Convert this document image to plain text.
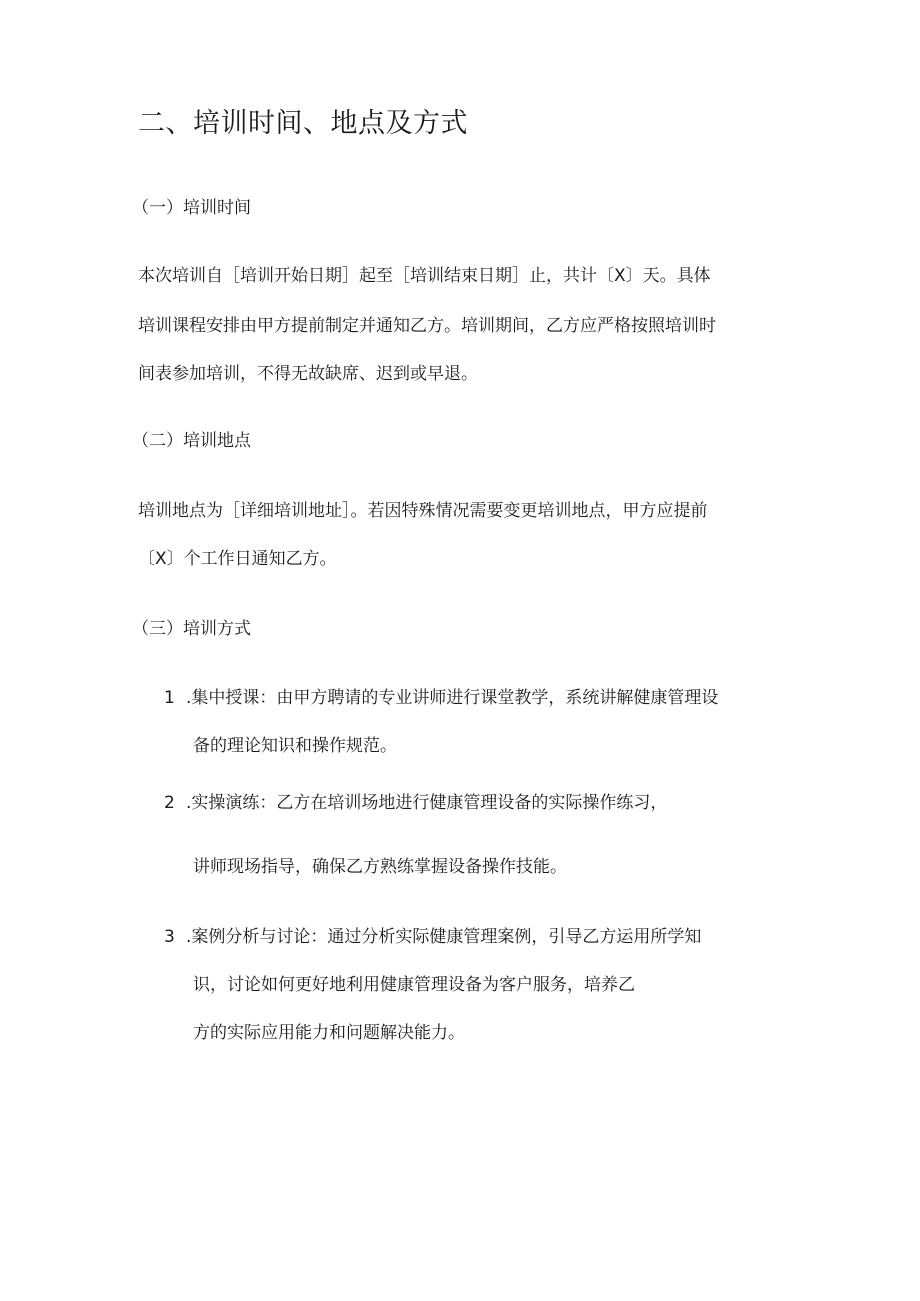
二、培训时间、地点及方式
（一）培训时间

本次培训自［培训开始日期］起至［培训结束日期］止，共计〔X〕天。具体

培训课程安排由甲方提前制定并通知乙方。培训期间，乙方应严格按照培训时

间表参加培训，不得无故缺席、迟到或早退。

（二）培训地点

培训地点为［详细培训地址］。若因特殊情况需要变更培训地点，甲方应提前

〔X〕个工作日通知乙方。

（三）培训方式
1 .集中授课：由甲方聘请的专业讲师进行课堂教学，系统讲解健康管理设

备的理论知识和操作规范。

2 .实操演练：乙方在培训场地进行健康管理设备的实际操作练习，

讲师现场指导，确保乙方熟练掌握设备操作技能。

3 .案例分析与讨论：通过分析实际健康管理案例，引导乙方运用所学知

识，讨论如何更好地利用健康管理设备为客户服务，培养乙

方的实际应用能力和问题解决能力。
